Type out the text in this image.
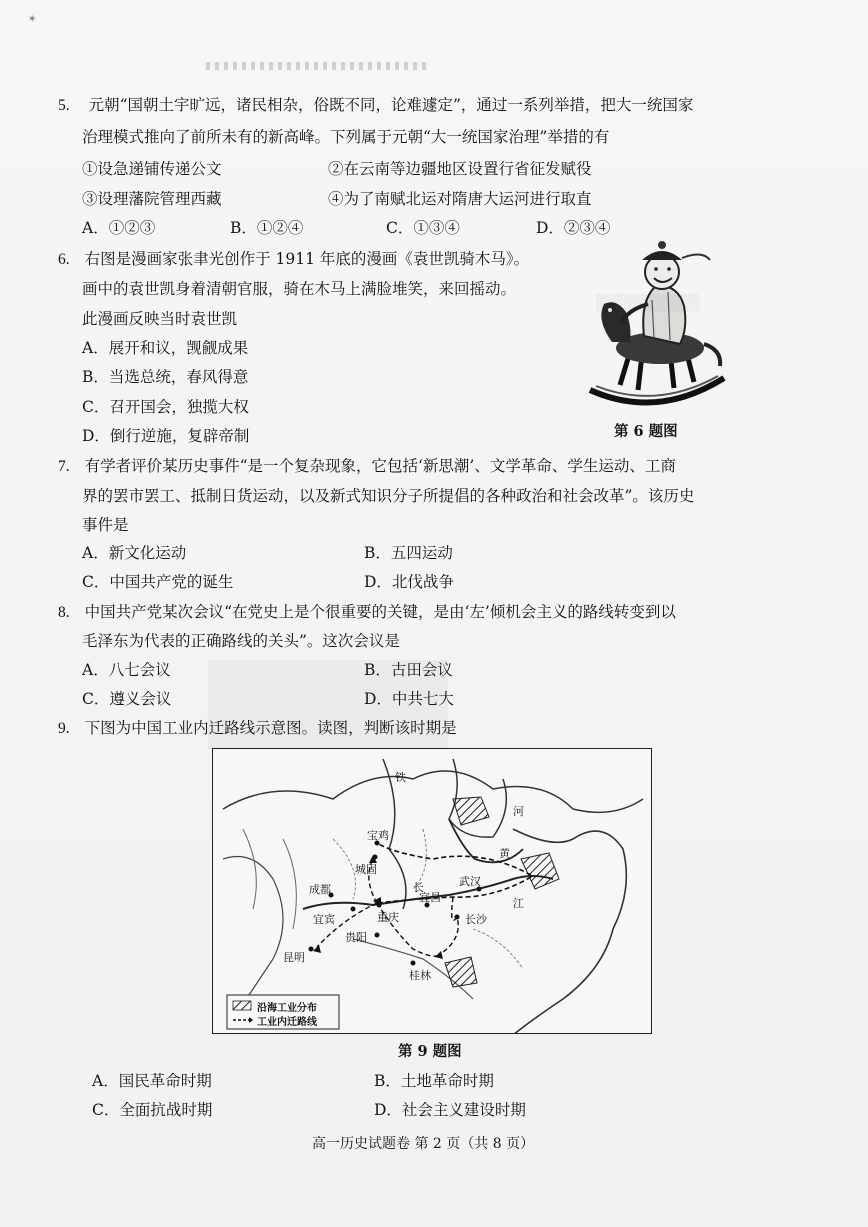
✶
5. 元朝“国朝土宇旷远，诸民相杂，俗既不同，论难遽定”，通过一系列举措，把大一统国家
治理模式推向了前所未有的新高峰。下列属于元朝“大一统国家治理”举措的有
①设急递铺传递公文	②在云南等边疆地区设置行省征发赋役
③设理藩院管理西藏	④为了南赋北运对隋唐大运河进行取直
A．①②③	B．①②④	C．①③④	D．②③④
6. 右图是漫画家张聿光创作于 1911 年底的漫画《袁世凯骑木马》。
画中的袁世凯身着清朝官服，骑在木马上满脸堆笑，来回摇动。
此漫画反映当时袁世凯
A．展开和议，觊觎成果
B．当选总统，春风得意
C．召开国会，独揽大权
D．倒行逆施，复辟帝制	第 6 题图
▒▒▒▒▒▒▒▒▒
7. 有学者评价某历史事件“是一个复杂现象，它包括‘新思潮’、文学革命、学生运动、工商
界的罢市罢工、抵制日货运动，以及新式知识分子所提倡的各种政治和社会改革”。该历史
事件是
A．新文化运动	B．五四运动
C．中国共产党的诞生	D．北伐战争
8. 中国共产党某次会议“在党史上是个很重要的关键，是由‘左’倾机会主义的路线转变到以
毛泽东为代表的正确路线的关头”。这次会议是
A．八七会议	B．古田会议
C．遵义会议	D．中共七大
9. 下图为中国工业内迁路线示意图。读图，判断该时期是
铁
河
黄
长
江
宝鸡
城固
成都
宜宾	重庆
宜昌
武汉
长沙
贵阳
昆明
桂林
沿海工业分布
工业内迁路线
第 9 题图
A．国民革命时期	B．土地革命时期
C．全面抗战时期	D．社会主义建设时期
高一历史试题卷 第 2 页（共 8 页）
